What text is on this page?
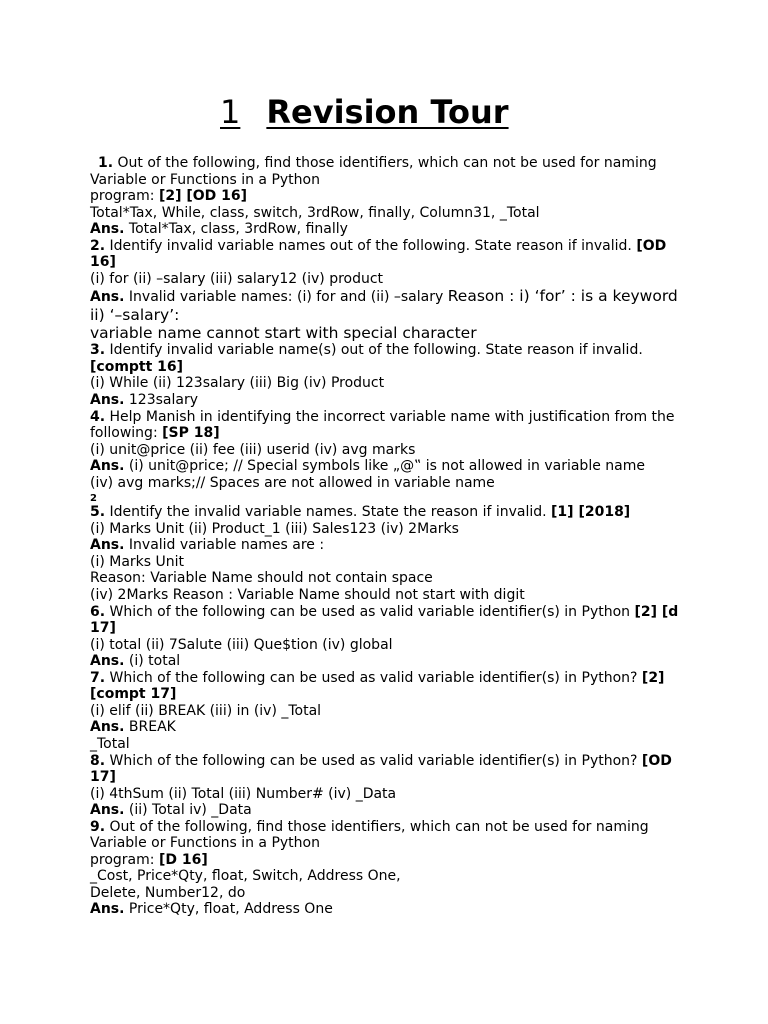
1 Revision Tour
1. Out of the following, find those identifiers, which can not be used for naming
Variable or Functions in a Python
program: [2] [OD 16]
Total*Tax, While, class, switch, 3rdRow, finally, Column31, _Total
Ans. Total*Tax, class, 3rdRow, finally
2. Identify invalid variable names out of the following. State reason if invalid. [OD
16]
(i) for (ii) –salary (iii) salary12 (iv) product
Ans. Invalid variable names: (i) for and (ii) –salary Reason : i) ‘for’ : is a keyword
ii) ‘–salary’:
variable name cannot start with special character
3. Identify invalid variable name(s) out of the following. State reason if invalid.
[comptt 16]
(i) While (ii) 123salary (iii) Big (iv) Product
Ans. 123salary
4. Help Manish in identifying the incorrect variable name with justification from the
following: [SP 18]
(i) unit@price (ii) fee (iii) userid (iv) avg marks
Ans. (i) unit@price; // Special symbols like „@‟ is not allowed in variable name
(iv) avg marks;// Spaces are not allowed in variable name
2
5. Identify the invalid variable names. State the reason if invalid. [1] [2018]
(i) Marks Unit (ii) Product_1 (iii) Sales123 (iv) 2Marks
Ans. Invalid variable names are :
(i) Marks Unit
Reason: Variable Name should not contain space
(iv) 2Marks Reason : Variable Name should not start with digit
6. Which of the following can be used as valid variable identifier(s) in Python [2] [d
17]
(i) total (ii) 7Salute (iii) Que$tion (iv) global
Ans. (i) total
7. Which of the following can be used as valid variable identifier(s) in Python? [2]
[compt 17]
(i) elif (ii) BREAK (iii) in (iv) _Total
Ans. BREAK
_Total
8. Which of the following can be used as valid variable identifier(s) in Python? [OD
17]
(i) 4thSum (ii) Total (iii) Number# (iv) _Data
Ans. (ii) Total iv) _Data
9. Out of the following, find those identifiers, which can not be used for naming
Variable or Functions in a Python
program: [D 16]
_Cost, Price*Qty, float, Switch, Address One,
Delete, Number12, do
Ans. Price*Qty, float, Address One
